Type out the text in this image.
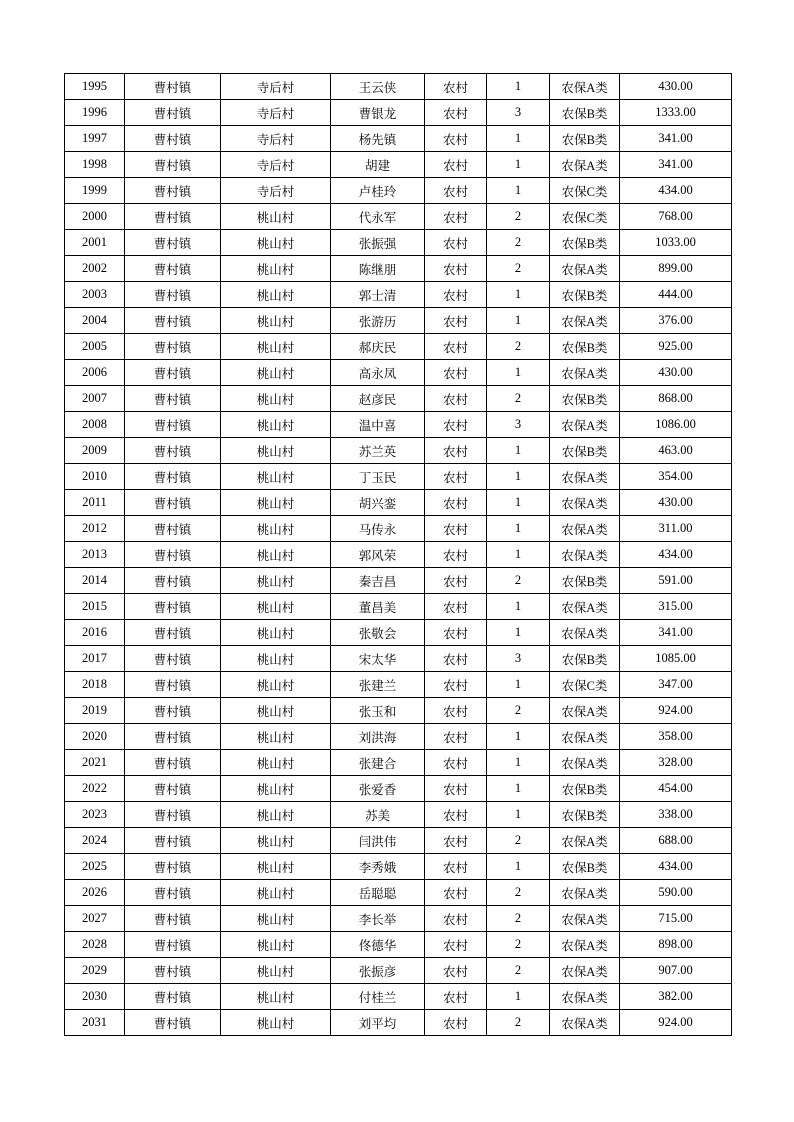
1995	曹村镇	寺后村	王云侠	农村	1	农保A类	430.00
1996	曹村镇	寺后村	曹银龙	农村	3	农保B类	1333.00
1997	曹村镇	寺后村	杨先镇	农村	1	农保B类	341.00
1998	曹村镇	寺后村	胡建	农村	1	农保A类	341.00
1999	曹村镇	寺后村	卢桂玲	农村	1	农保C类	434.00
2000	曹村镇	桃山村	代永军	农村	2	农保C类	768.00
2001	曹村镇	桃山村	张振强	农村	2	农保B类	1033.00
2002	曹村镇	桃山村	陈继朋	农村	2	农保A类	899.00
2003	曹村镇	桃山村	郭士清	农村	1	农保B类	444.00
2004	曹村镇	桃山村	张游历	农村	1	农保A类	376.00
2005	曹村镇	桃山村	郝庆民	农村	2	农保B类	925.00
2006	曹村镇	桃山村	高永凤	农村	1	农保A类	430.00
2007	曹村镇	桃山村	赵彦民	农村	2	农保B类	868.00
2008	曹村镇	桃山村	温中喜	农村	3	农保A类	1086.00
2009	曹村镇	桃山村	苏兰英	农村	1	农保B类	463.00
2010	曹村镇	桃山村	丁玉民	农村	1	农保A类	354.00
2011	曹村镇	桃山村	胡兴銮	农村	1	农保A类	430.00
2012	曹村镇	桃山村	马传永	农村	1	农保A类	311.00
2013	曹村镇	桃山村	郭风荣	农村	1	农保A类	434.00
2014	曹村镇	桃山村	秦吉昌	农村	2	农保B类	591.00
2015	曹村镇	桃山村	董昌美	农村	1	农保A类	315.00
2016	曹村镇	桃山村	张敬会	农村	1	农保A类	341.00
2017	曹村镇	桃山村	宋太华	农村	3	农保B类	1085.00
2018	曹村镇	桃山村	张建兰	农村	1	农保C类	347.00
2019	曹村镇	桃山村	张玉和	农村	2	农保A类	924.00
2020	曹村镇	桃山村	刘洪海	农村	1	农保A类	358.00
2021	曹村镇	桃山村	张建合	农村	1	农保A类	328.00
2022	曹村镇	桃山村	张爱香	农村	1	农保B类	454.00
2023	曹村镇	桃山村	苏美	农村	1	农保B类	338.00
2024	曹村镇	桃山村	闫洪伟	农村	2	农保A类	688.00
2025	曹村镇	桃山村	李秀娥	农村	1	农保B类	434.00
2026	曹村镇	桃山村	岳聪聪	农村	2	农保A类	590.00
2027	曹村镇	桃山村	李长举	农村	2	农保A类	715.00
2028	曹村镇	桃山村	佟德华	农村	2	农保A类	898.00
2029	曹村镇	桃山村	张振彦	农村	2	农保A类	907.00
2030	曹村镇	桃山村	付桂兰	农村	1	农保A类	382.00
2031	曹村镇	桃山村	刘平均	农村	2	农保A类	924.00
